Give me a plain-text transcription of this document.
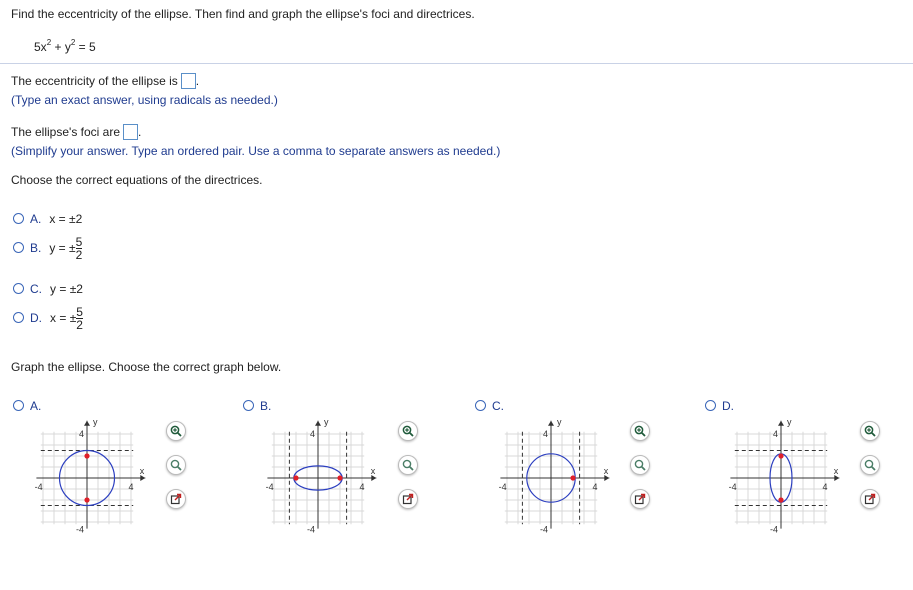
Find the eccentricity of the ellipse. Then find and graph the ellipse's foci and directrices.
$5x^2 + y^2 = 5$
The eccentricity of the ellipse is .
(Type an exact answer, using radicals as needed.)
The ellipse's foci are .
(Simplify your answer. Type an ordered pair. Use a comma to separate answers as needed.)
Choose the correct equations of the directrices.
A. x = ±2
B. y = ± $\frac{5}{2}$
C. y = ±2
D. x = ± $\frac{5}{2}$
Graph the ellipse. Choose the correct graph below.
A.	B.	C.	D.
4
-4
4
-4
x
y
4
-4
4
-4
x
y
4
-4
4
-4
x
y
4
-4
4
-4
x
y
